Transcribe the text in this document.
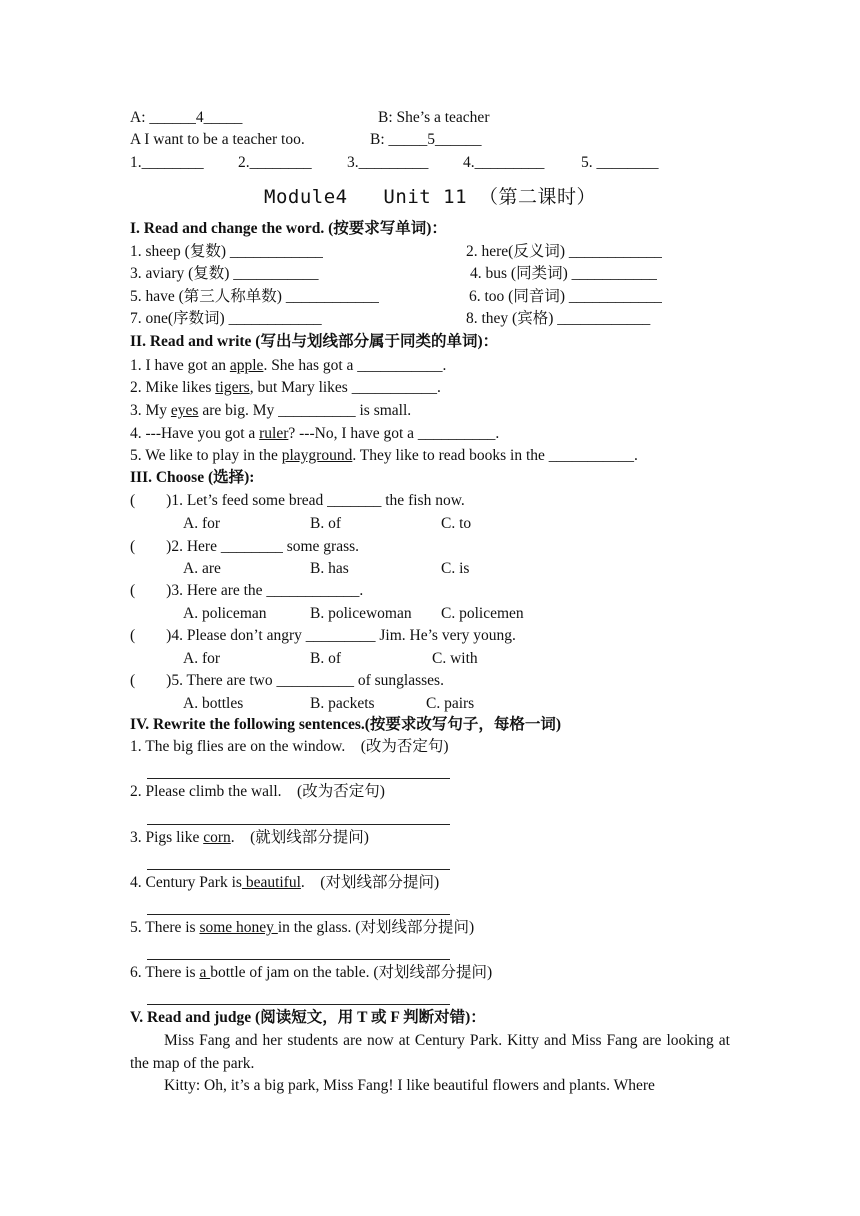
A: ______4_____	B: She’s a teacher
A I want to be a teacher too.	B: _____5______
1.________ 2.________ 3._________ 4._________ 5. ________
Module4   Unit 11 （第二课时）
I. Read and change the word. (按要求写单词)：
1. sheep (复数) ____________	2. here(反义词) ____________
3. aviary (复数) ___________	4. bus (同类词) ___________
5. have (第三人称单数) ____________	6. too (同音词) ____________
7. one(序数词) ____________	8. they (宾格) ____________
II. Read and write (写出与划线部分属于同类的单词)：
1. I have got an apple. She has got a ___________.
2. Mike likes tigers, but Mary likes ___________.
3. My eyes are big. My __________ is small.
4. ---Have you got a ruler? ---No, I have got a __________.
5. We like to play in the playground. They like to read books in the ___________.
III. Choose (选择):
(        )1. Let’s feed some bread _______ the fish now.
A. for	B. of	C. to
(        )2. Here ________ some grass.
A. are	B. has	C. is
(        )3. Here are the ____________.
A. policeman	B. policewoman C. policemen
(        )4. Please don’t angry _________ Jim. He’s very young.
A. for	B. of	C. with
(        )5. There are two __________ of sunglasses.
A. bottles	B. packets	C. pairs
IV. Rewrite the following sentences.(按要求改写句子，每格一词)
1. The big flies are on the window.    (改为否定句)
2. Please climb the wall.    (改为否定句)
3. Pigs like corn.    (就划线部分提问)
4. Century Park is beautiful.    (对划线部分提问)
5. There is some honey in the glass. (对划线部分提问)
6. There is a bottle of jam on the table. (对划线部分提问)
V. Read and judge (阅读短文，用 T 或 F 判断对错)：

Miss Fang and her students are now at Century Park. Kitty and Miss Fang are looking at the map of the park.

Kitty: Oh, it’s a big park, Miss Fang! I like beautiful flowers and plants. Where
